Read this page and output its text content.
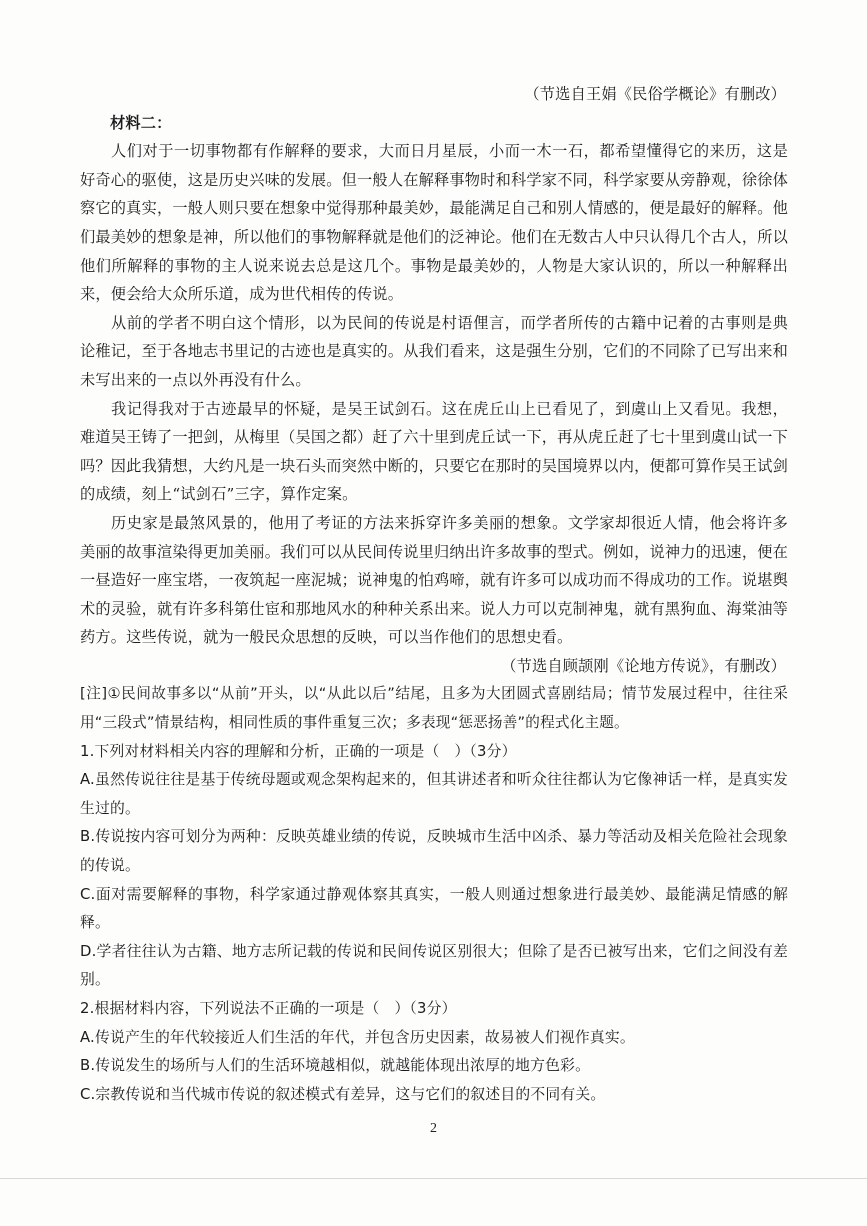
（节选自王娟《民俗学概论》有删改）

材料二：

人们对于一切事物都有作解释的要求，大而日月星辰，小而一木一石，都希望懂得它的来历，这是好奇心的驱使，这是历史兴味的发展。但一般人在解释事物时和科学家不同，科学家要从旁静观，徐徐体察它的真实，一般人则只要在想象中觉得那种最美妙，最能满足自己和别人情感的，便是最好的解释。他们最美妙的想象是神，所以他们的事物解释就是他们的泛神论。他们在无数古人中只认得几个古人，所以他们所解释的事物的主人说来说去总是这几个。事物是最美妙的，人物是大家认识的，所以一种解释出来，便会给大众所乐道，成为世代相传的传说。

从前的学者不明白这个情形，以为民间的传说是村语俚言，而学者所传的古籍中记着的古事则是典论稚记，至于各地志书里记的古迹也是真实的。从我们看来，这是强生分别，它们的不同除了已写出来和未写出来的一点以外再没有什么。

我记得我对于古迹最早的怀疑，是吴王试剑石。这在虎丘山上已看见了，到虞山上又看见。我想，难道吴王铸了一把剑，从梅里（吴国之都）赶了六十里到虎丘试一下，再从虎丘赶了七十里到虞山试一下吗？因此我猜想，大约凡是一块石头而突然中断的，只要它在那时的吴国境界以内，便都可算作吴王试剑的成绩，刻上“试剑石”三字，算作定案。

历史家是最煞风景的，他用了考证的方法来拆穿许多美丽的想象。文学家却很近人情，他会将许多美丽的故事渲染得更加美丽。我们可以从民间传说里归纳出许多故事的型式。例如，说神力的迅速，便在一昼造好一座宝塔，一夜筑起一座泥城；说神鬼的怕鸡啼，就有许多可以成功而不得成功的工作。说堪舆术的灵验，就有许多科第仕宦和那地风水的种种关系出来。说人力可以克制神鬼，就有黑狗血、海棠油等药方。这些传说，就为一般民众思想的反映，可以当作他们的思想史看。

（节选自顾颉刚《论地方传说》，有删改）

[注]①民间故事多以“从前”开头，以“从此以后”结尾，且多为大团圆式喜剧结局；情节发展过程中，往往采用“三段式”情景结构，相同性质的事件重复三次；多表现“惩恶扬善”的程式化主题。

1.下列对材料相关内容的理解和分析，正确的一项是（　）（3分）

A.虽然传说往往是基于传统母题或观念架构起来的，但其讲述者和听众往往都认为它像神话一样，是真实发生过的。

B.传说按内容可划分为两种：反映英雄业绩的传说，反映城市生活中凶杀、暴力等活动及相关危险社会现象的传说。

C.面对需要解释的事物，科学家通过静观体察其真实，一般人则通过想象进行最美妙、最能满足情感的解释。

D.学者往往认为古籍、地方志所记载的传说和民间传说区别很大；但除了是否已被写出来，它们之间没有差别。

2.根据材料内容，下列说法不正确的一项是（　）（3分）

A.传说产生的年代较接近人们生活的年代，并包含历史因素，故易被人们视作真实。

B.传说发生的场所与人们的生活环境越相似，就越能体现出浓厚的地方色彩。

C.宗教传说和当代城市传说的叙述模式有差异，这与它们的叙述目的不同有关。

2
